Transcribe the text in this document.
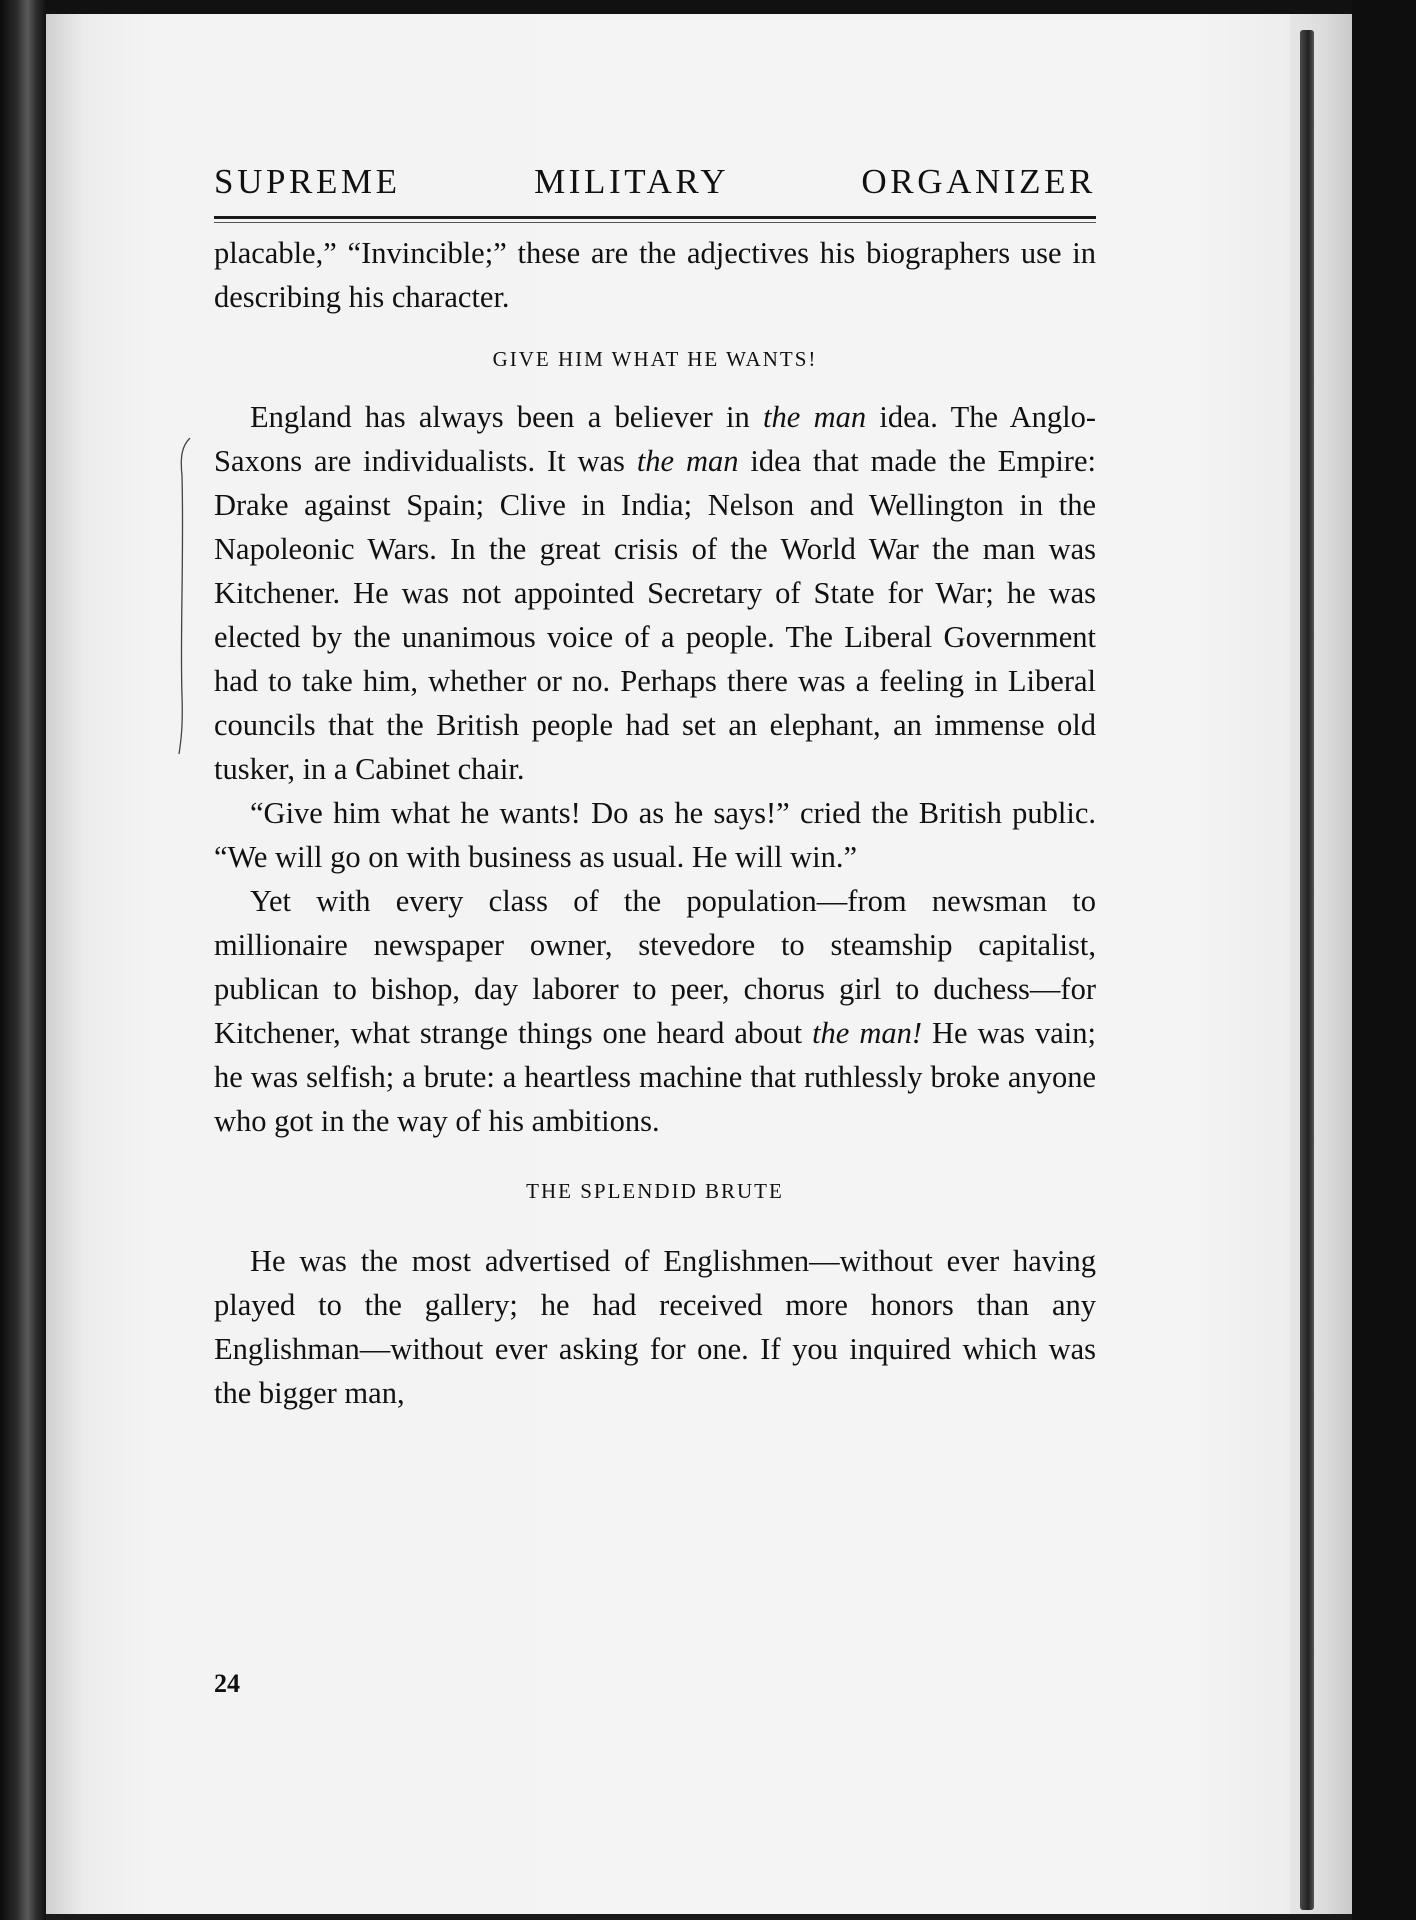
SUPREME MILITARY ORGANIZER

placable,” “Invincible;” these are the adjectives his biographers use in describing his character.

GIVE HIM WHAT HE WANTS!

England has always been a believer in the man idea. The Anglo-Saxons are individualists. It was the man idea that made the Empire: Drake against Spain; Clive in India; Nelson and Wellington in the Napoleonic Wars. In the great crisis of the World War the man was Kitchener. He was not appointed Secretary of State for War; he was elected by the unanimous voice of a people. The Liberal Government had to take him, whether or no. Perhaps there was a feeling in Liberal councils that the British people had set an elephant, an immense old tusker, in a Cabinet chair.

“Give him what he wants! Do as he says!” cried the British public. “We will go on with business as usual. He will win.”

Yet with every class of the population—from newsman to millionaire newspaper owner, stevedore to steamship capitalist, publican to bishop, day laborer to peer, chorus girl to duchess—for Kitchener, what strange things one heard about the man! He was vain; he was selfish; a brute: a heartless machine that ruthlessly broke anyone who got in the way of his ambitions.

THE SPLENDID BRUTE

He was the most advertised of Englishmen—without ever having played to the gallery; he had received more honors than any Englishman—without ever asking for one. If you inquired which was the bigger man,

24
